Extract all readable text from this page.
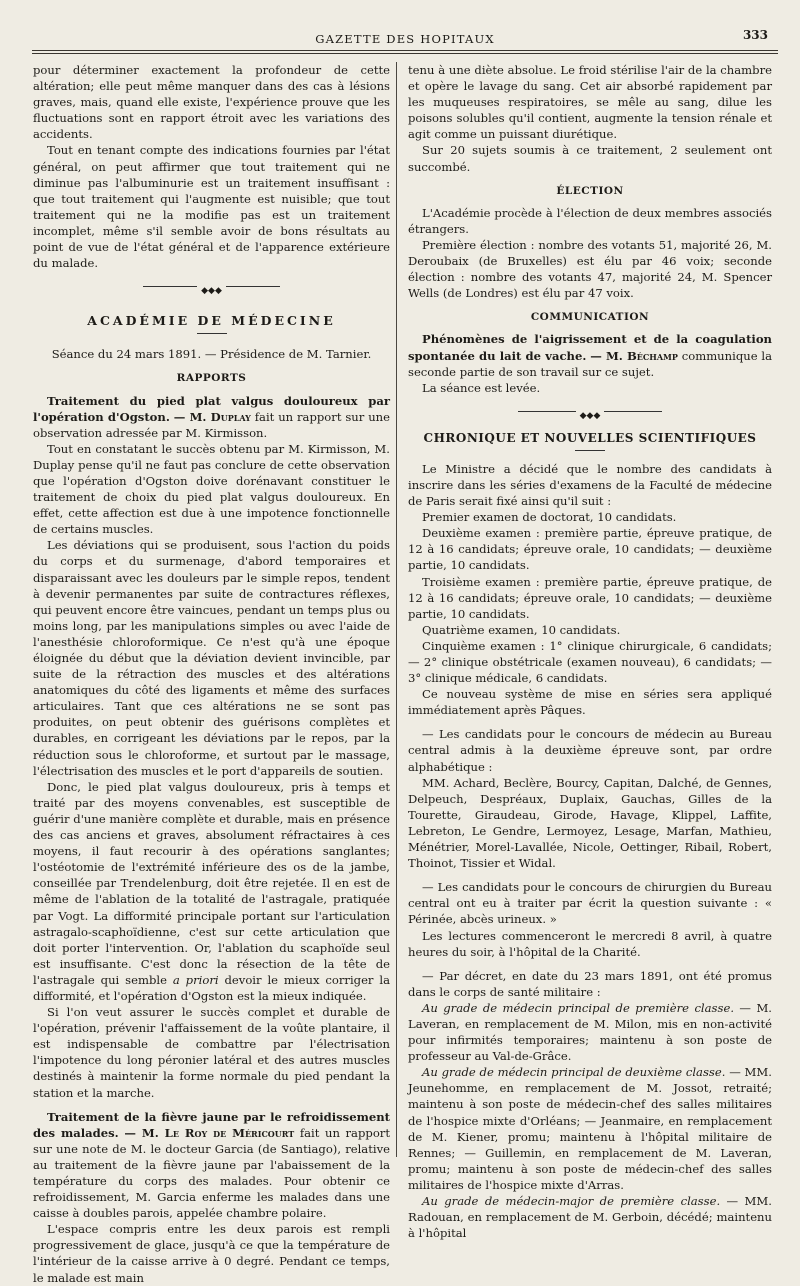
GAZETTE DES HOPITAUX	333

pour déterminer exactement la profondeur de cette altération; elle peut même manquer dans des cas à lésions graves, mais, quand elle existe, l'expérience prouve que les fluctuations sont en rapport étroit avec les variations des accidents.

Tout en tenant compte des indications fournies par l'état général, on peut affirmer que tout traitement qui ne diminue pas l'albuminurie est un traitement insuffisant : que tout traitement qui l'augmente est nuisible; que tout traitement qui ne la modifie pas est un traitement incomplet, même s'il semble avoir de bons résultats au point de vue de l'état général et de l'apparence extérieure du malade.

◆◆◆
ACADÉMIE DE MÉDECINE

Séance du 24 mars 1891. — Présidence de M. Tarnier.

RAPPORTS

Traitement du pied plat valgus douloureux par l'opération d'Ogston. — M. Duplay fait un rapport sur une observation adressée par M. Kirmisson.

Tout en constatant le succès obtenu par M. Kirmisson, M. Duplay pense qu'il ne faut pas conclure de cette observation que l'opération d'Ogston doive dorénavant constituer le traitement de choix du pied plat valgus douloureux. En effet, cette affection est due à une impotence fonctionnelle de certains muscles.

Les déviations qui se produisent, sous l'action du poids du corps et du surmenage, d'abord temporaires et disparaissant avec les douleurs par le simple repos, tendent à devenir permanentes par suite de contractures réflexes, qui peuvent encore être vaincues, pendant un temps plus ou moins long, par les manipulations simples ou avec l'aide de l'anesthésie chloroformique. Ce n'est qu'à une époque éloignée du début que la déviation devient invincible, par suite de la rétraction des muscles et des altérations anatomiques du côté des ligaments et même des surfaces articulaires. Tant que ces altérations ne se sont pas produites, on peut obtenir des guérisons complètes et durables, en corrigeant les déviations par le repos, par la réduction sous le chloroforme, et surtout par le massage, l'électrisation des muscles et le port d'appareils de soutien.

Donc, le pied plat valgus douloureux, pris à temps et traité par des moyens convenables, est susceptible de guérir d'une manière complète et durable, mais en présence des cas anciens et graves, absolument réfractaires à ces moyens, il faut recourir à des opérations sanglantes; l'ostéotomie de l'extrémité inférieure des os de la jambe, conseillée par Trendelenburg, doit être rejetée. Il en est de même de l'ablation de la totalité de l'astragale, pratiquée par Vogt. La difformité principale portant sur l'articulation astragalo-scaphoïdienne, c'est sur cette articulation que doit porter l'intervention. Or, l'ablation du scaphoïde seul est insuffisante. C'est donc la résection de la tête de l'astragale qui semble a priori devoir le mieux corriger la difformité, et l'opération d'Ogston est la mieux indiquée.

Si l'on veut assurer le succès complet et durable de l'opération, prévenir l'affaissement de la voûte plantaire, il est indispensable de combattre par l'électrisation l'impotence du long péronier latéral et des autres muscles destinés à maintenir la forme normale du pied pendant la station et la marche.

Traitement de la fièvre jaune par le refroidissement des malades. — M. Le Roy de Méricourt fait un rapport sur une note de M. le docteur Garcia (de Santiago), relative au traitement de la fièvre jaune par l'abaissement de la température du corps des malades. Pour obtenir ce refroidissement, M. Garcia enferme les malades dans une caisse à doubles parois, appelée chambre polaire.

L'espace compris entre les deux parois est rempli progressivement de glace, jusqu'à ce que la température de l'intérieur de la caisse arrive à 0 degré. Pendant ce temps, le malade est main

tenu à une diète absolue. Le froid stérilise l'air de la chambre et opère le lavage du sang. Cet air absorbé rapidement par les muqueuses respiratoires, se mêle au sang, dilue les poisons solubles qu'il contient, augmente la tension rénale et agit comme un puissant diurétique.

Sur 20 sujets soumis à ce traitement, 2 seulement ont succombé.

ÉLECTION

L'Académie procède à l'élection de deux membres associés étrangers.

Première élection : nombre des votants 51, majorité 26, M. Deroubaix (de Bruxelles) est élu par 46 voix; seconde élection : nombre des votants 47, majorité 24, M. Spencer Wells (de Londres) est élu par 47 voix.

COMMUNICATION

Phénomènes de l'aigrissement et de la coagulation spontanée du lait de vache. — M. Béchamp communique la seconde partie de son travail sur ce sujet.

La séance est levée.

◆◆◆
CHRONIQUE ET NOUVELLES SCIENTIFIQUES

Le Ministre a décidé que le nombre des candidats à inscrire dans les séries d'examens de la Faculté de médecine de Paris serait fixé ainsi qu'il suit :

Premier examen de doctorat, 10 candidats.

Deuxième examen : première partie, épreuve pratique, de 12 à 16 candidats; épreuve orale, 10 candidats; — deuxième partie, 10 candidats.

Troisième examen : première partie, épreuve pratique, de 12 à 16 candidats; épreuve orale, 10 candidats; — deuxième partie, 10 candidats.

Quatrième examen, 10 candidats.

Cinquième examen : 1° clinique chirurgicale, 6 candidats; — 2° clinique obstétricale (examen nouveau), 6 candidats; — 3° clinique médicale, 6 candidats.

Ce nouveau système de mise en séries sera appliqué immédiatement après Pâques.

— Les candidats pour le concours de médecin au Bureau central admis à la deuxième épreuve sont, par ordre alphabétique :

MM. Achard, Beclère, Bourcy, Capitan, Dalché, de Gennes, Delpeuch, Despréaux, Duplaix, Gauchas, Gilles de la Tourette, Giraudeau, Girode, Havage, Klippel, Laffite, Lebreton, Le Gendre, Lermoyez, Lesage, Marfan, Mathieu, Ménétrier, Morel-Lavallée, Nicole, Oettinger, Ribail, Robert, Thoinot, Tissier et Widal.

— Les candidats pour le concours de chirurgien du Bureau central ont eu à traiter par écrit la question suivante : « Périnée, abcès urineux. »

Les lectures commenceront le mercredi 8 avril, à quatre heures du soir, à l'hôpital de la Charité.

— Par décret, en date du 23 mars 1891, ont été promus dans le corps de santé militaire :

Au grade de médecin principal de première classe. — M. Laveran, en remplacement de M. Milon, mis en non-activité pour infirmités temporaires; maintenu à son poste de professeur au Val-de-Grâce.

Au grade de médecin principal de deuxième classe. — MM. Jeunehomme, en remplacement de M. Jossot, retraité; maintenu à son poste de médecin-chef des salles militaires de l'hospice mixte d'Orléans; — Jeanmaire, en remplacement de M. Kiener, promu; maintenu à l'hôpital militaire de Rennes; — Guillemin, en remplacement de M. Laveran, promu; maintenu à son poste de médecin-chef des salles militaires de l'hospice mixte d'Arras.

Au grade de médecin-major de première classe. — MM. Radouan, en remplacement de M. Gerboin, décédé; maintenu à l'hôpital
